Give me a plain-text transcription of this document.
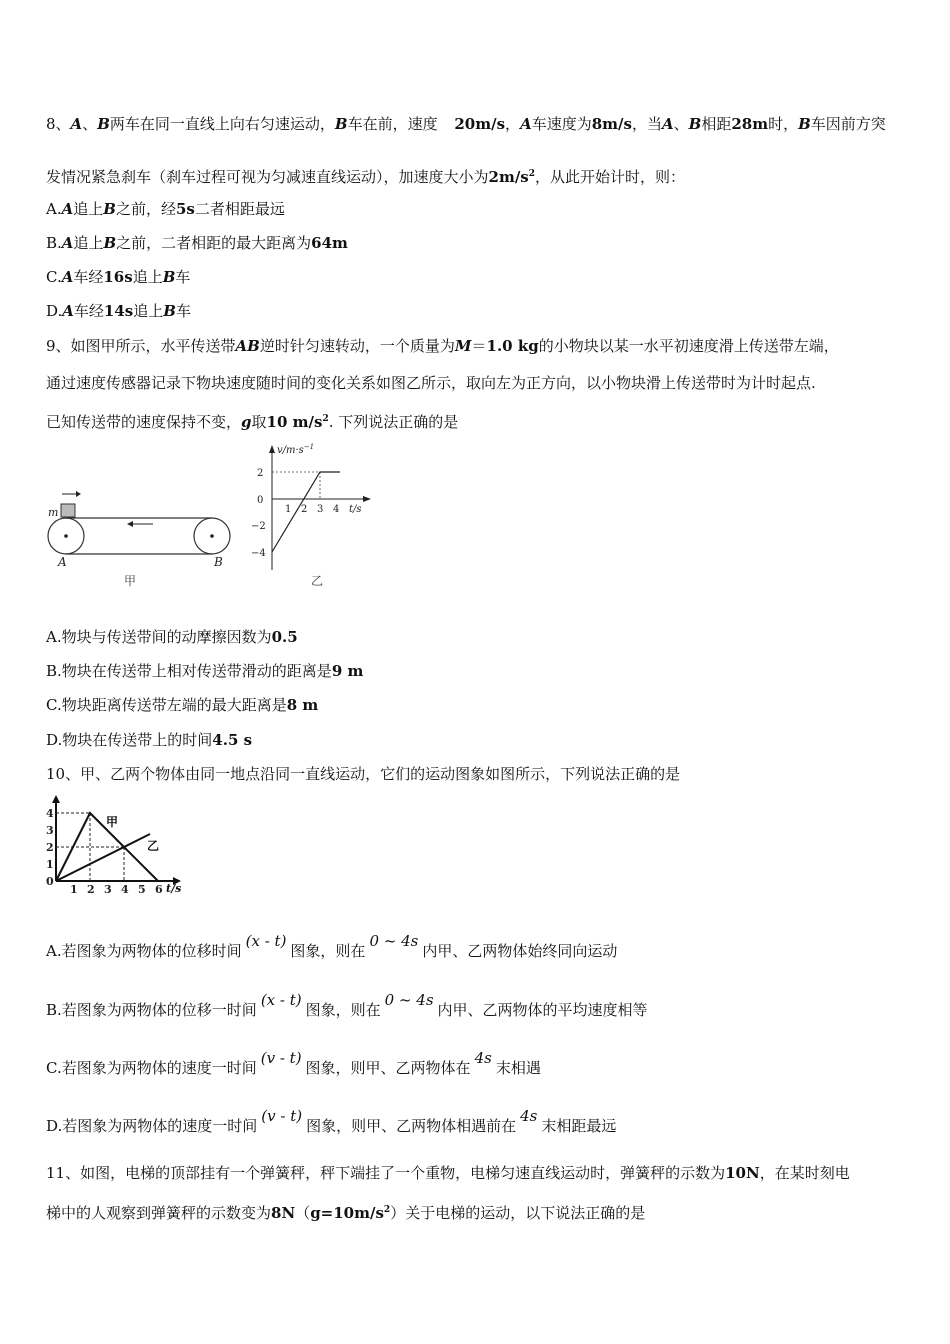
8、A、B两车在同一直线上向右匀速运动，B车在前，速度 20m/s，A车速度为8m/s，当A、B相距28m时，B车因前方突
发情况紧急刹车（刹车过程可视为匀减速直线运动），加速度大小为$2m/s^2$，从此开始计时，则：
A.A追上B之前，经5s二者相距最远
B.A追上B之前，二者相距的最大距离为64m
C.A车经16s追上B车
D.A车经14s追上B车
9、如图甲所示，水平传送带AB逆时针匀速转动，一个质量为M＝1.0 kg的小物块以某一水平初速度滑上传送带左端，
通过速度传感器记录下物块速度随时间的变化关系如图乙所示，取向左为正方向，以小物块滑上传送带时为计时起点.
已知传送带的速度保持不变，g取10 $m/s^2$. 下列说法正确的是
m
A	B
甲
$v/m\cdot s^{-1}$
t/s
2
0
−2
−4
1 2 3 4
乙
A.物块与传送带间的动摩擦因数为0.5
B.物块在传送带上相对传送带滑动的距离是9 m
C.物块距离传送带左端的最大距离是8 m
D.物块在传送带上的时间4.5 s
10、甲、乙两个物体由同一地点沿同一直线运动，它们的运动图象如图所示，下列说法正确的是
4
3
2
1
0
1 2 3 4 5 6
甲
乙
t/s
A.若图象为两物体的位移时间(x - t)图象，则在0 ~ 4s内甲、乙两物体始终同向运动
B.若图象为两物体的位移一时间(x - t)图象，则在0 ~ 4s内甲、乙两物体的平均速度相等
C.若图象为两物体的速度一时间(v - t)图象，则甲、乙两物体在4s末相遇
D.若图象为两物体的速度一时间(v - t)图象，则甲、乙两物体相遇前在4s末相距最远
11、如图，电梯的顶部挂有一个弹簧秤，秤下端挂了一个重物，电梯匀速直线运动时，弹簧秤的示数为10N，在某时刻电
梯中的人观察到弹簧秤的示数变为$8N(g=10m/s^2)$关于电梯的运动，以下说法正确的是
